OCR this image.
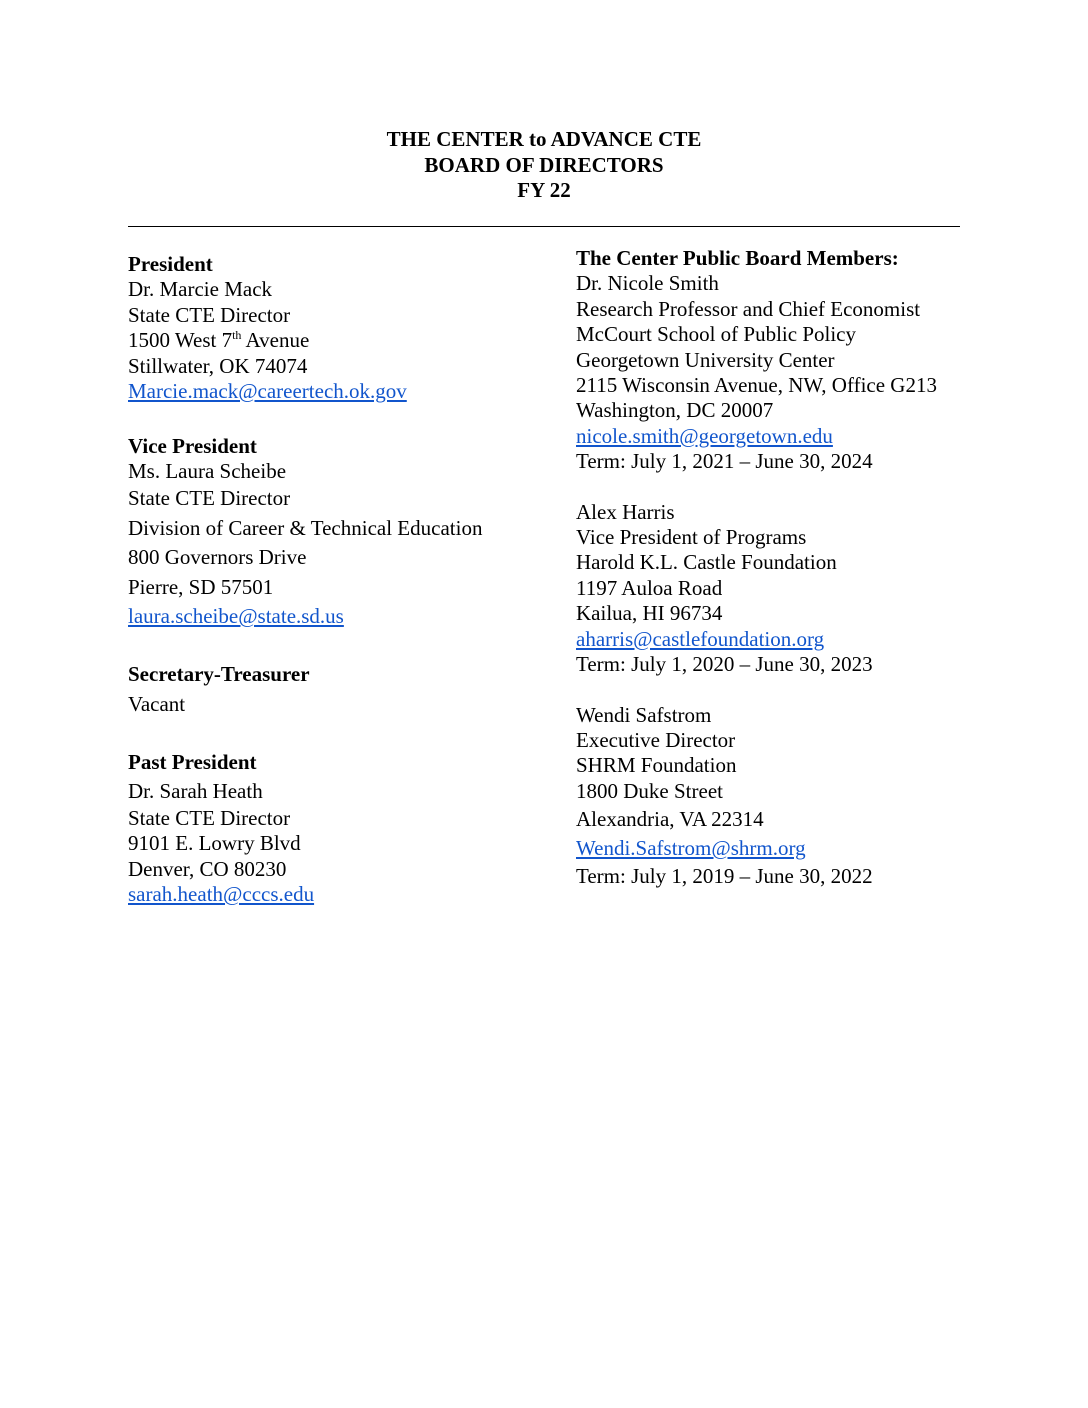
THE CENTER to ADVANCE CTE
BOARD OF DIRECTORS
FY 22
President
Dr. Marcie Mack
State CTE Director
1500 West 7th Avenue
Stillwater, OK 74074
Marcie.mack@careertech.ok.gov
Vice President
Ms. Laura Scheibe
State CTE Director
Division of Career & Technical Education
800 Governors Drive
Pierre, SD 57501
laura.scheibe@state.sd.us
Secretary-Treasurer
Vacant
Past President
Dr. Sarah Heath
State CTE Director
9101 E. Lowry Blvd
Denver, CO 80230
sarah.heath@cccs.edu
The Center Public Board Members:
Dr. Nicole Smith
Research Professor and Chief Economist
McCourt School of Public Policy
Georgetown University Center
2115 Wisconsin Avenue, NW, Office G213
Washington, DC 20007
nicole.smith@georgetown.edu
Term: July 1, 2021 – June 30, 2024
Alex Harris
Vice President of Programs
Harold K.L. Castle Foundation
1197 Auloa Road
Kailua, HI 96734
aharris@castlefoundation.org
Term: July 1, 2020 – June 30, 2023
Wendi Safstrom
Executive Director
SHRM Foundation
1800 Duke Street
Alexandria, VA 22314
Wendi.Safstrom@shrm.org
Term: July 1, 2019 – June 30, 2022
